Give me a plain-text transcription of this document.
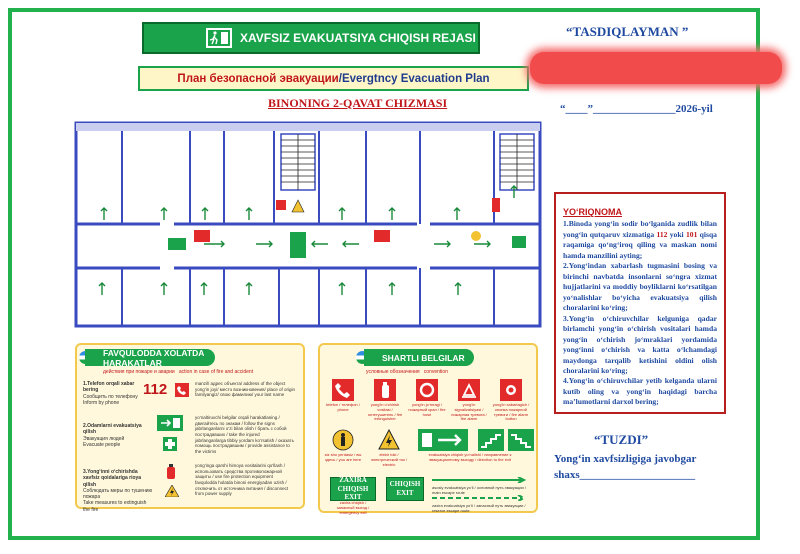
XAVFSIZ EVAKUATSIYA CHIQISH REJASI
План безопасной эвакуации / Evergtncy Evacuation Plan
“TASDIQLAYMAN ”
“____”_______________2026-yil
BINONING 2-QAVAT CHIZMASI
YO‘RIQNOMA
1.Binoda yong‘in sodir bo‘lganida zudlik bilan yong‘in qutqaruv xizmatiga 112 yoki 101 qisqa raqamiga qo‘ng‘iroq qiling va maskan nomi hamda manzilini ayting;
2.Yong‘indan xabarlash tugmasini bosing va birinchi navbatda insonlarni so‘ngra xizmat hujjatlarini va moddiy boyliklarni ko‘rsatilgan yo‘nalishlar bo‘yicha evakuatsiya qilish choralarini ko‘ring;
3.Yong‘in o‘chiruvchilar kelguniga qadar birlamchi yong‘in o‘chirish vositalari hamda yong‘in o‘chirish jo‘mraklari yordamida yong‘inni o‘chirish va katta o‘lchamdagi maydonga tarqalib ketishini oldini olish choralarini ko‘ring;
4.Yong‘in o‘chiruvchilar yetib kelganda ularni kutib oling va yong‘in haqidagi barcha ma’lumotlarni darxol bering;
“TUZDI”
Yong‘in xavfsizligiga javobgar
shaxs_____________________
FAVQULODDA XOLATDA HARAKATLAR
действия при пожаре и аварии action in case of fire and accident
1.Telefon orqali xabar bering
Сообщить по телефону
Inform by phone
112	manzil/ адрес объекта/ address of the object
yong‘in joyi/ место возникновения/ place of origin
familyangiz/ свою фамилию/ your last name
2.Odamlarni evakuatsiya qilish
Эвакуация людей
Evacuate people
yo‘naltiruvchi belgilar orqali harakatlaning / двигайтесь по знакам / follow the signs
jabrlanganlarni o‘zi bilan olish / брать с собой пострадавших / take the injured
jabrlanganlarga tibbiy yordam ko‘rsatish / оказать помощь пострадавшим / provide assistance to the victims
3.Yong‘inni o‘chirishda xavfsiz qoidalariga rioya qilish
Соблюдать меры по тушению пожара
Take measures to extinguish the fire
yong‘inga qarshi himoya vositalarini qo‘llash / использовать средства противопожарной защиты / use fire protection equipment
favquloddа holatda binoni energiyadan uzish / отключить от источника питания / disconnect from power supply
SHARTLI BELGILAR
условные обозначения convention
telefon / телефон / phone
yong‘in o‘chirish vositasi / огнетушитель / fire extinguisher
yong‘in jo‘mragi / пожарный кран / fire hose
yong‘in signalizatsiyasi / пожарная тревога / fire alarm
yong‘in xabarlagich / кнопка пожарной тревоги / fire alarm button
siz shu yerdasiz / вы здесь / you are here
elektr toki / электрический ток / electric
evakuatsiya chiqish yo‘nalishi / направление к эвакуационному выходу / direction to the exit
ZAXIRA CHIQISH EXIT
CHIQISH EXIT
zaxira chiqish / запасный выход / emergency exit
asosiy evakuatsiya yo‘li / основной путь эвакуации / main escape route
zaxira evakuatsiya yo‘li / запасный путь эвакуации / reserve escape route
